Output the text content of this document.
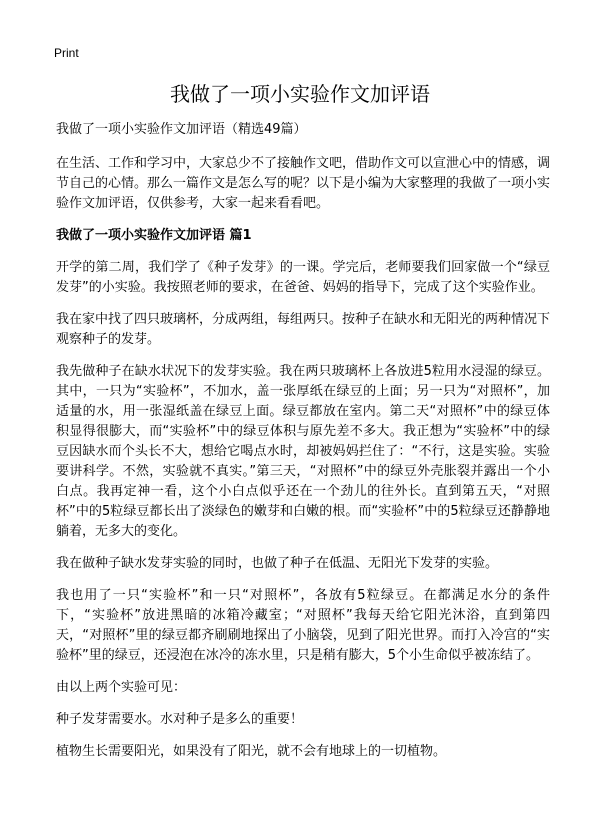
Print
我做了一项小实验作文加评语

我做了一项小实验作文加评语（精选49篇）

在生活、工作和学习中，大家总少不了接触作文吧，借助作文可以宣泄心中的情感，调节自己的心情。那么一篇作文是怎么写的呢？以下是小编为大家整理的我做了一项小实验作文加评语，仅供参考，大家一起来看看吧。

我做了一项小实验作文加评语 篇1

开学的第二周，我们学了《种子发芽》的一课。学完后，老师要我们回家做一个“绿豆发芽”的小实验。我按照老师的要求，在爸爸、妈妈的指导下，完成了这个实验作业。

我在家中找了四只玻璃杯，分成两组，每组两只。按种子在缺水和无阳光的两种情况下观察种子的发芽。

我先做种子在缺水状况下的发芽实验。我在两只玻璃杯上各放进5粒用水浸湿的绿豆。其中，一只为“实验杯”，不加水，盖一张厚纸在绿豆的上面；另一只为“对照杯”，加适量的水，用一张湿纸盖在绿豆上面。绿豆都放在室内。第二天“对照杯”中的绿豆体积显得很膨大，而“实验杯”中的绿豆体积与原先差不多大。我正想为“实验杯”中的绿豆因缺水而个头长不大，想给它喝点水时，却被妈妈拦住了：“不行，这是实验。实验要讲科学。不然，实验就不真实。”第三天，“对照杯”中的绿豆外壳胀裂并露出一个小白点。我再定神一看，这个小白点似乎还在一个劲儿的往外长。直到第五天，“对照杯”中的5粒绿豆都长出了淡绿色的嫩芽和白嫩的根。而“实验杯”中的5粒绿豆还静静地躺着，无多大的变化。

我在做种子缺水发芽实验的同时，也做了种子在低温、无阳光下发芽的实验。

我也用了一只“实验杯”和一只“对照杯”，各放有5粒绿豆。在都满足水分的条件下，“实验杯”放进黑暗的冰箱冷藏室；“对照杯”我每天给它阳光沐浴，直到第四天，“对照杯”里的绿豆都齐刷刷地探出了小脑袋，见到了阳光世界。而打入冷宫的“实验杯”里的绿豆，还浸泡在冰冷的冻水里，只是稍有膨大，5个小生命似乎被冻结了。

由以上两个实验可见：

种子发芽需要水。水对种子是多么的重要！

植物生长需要阳光，如果没有了阳光，就不会有地球上的一切植物。
